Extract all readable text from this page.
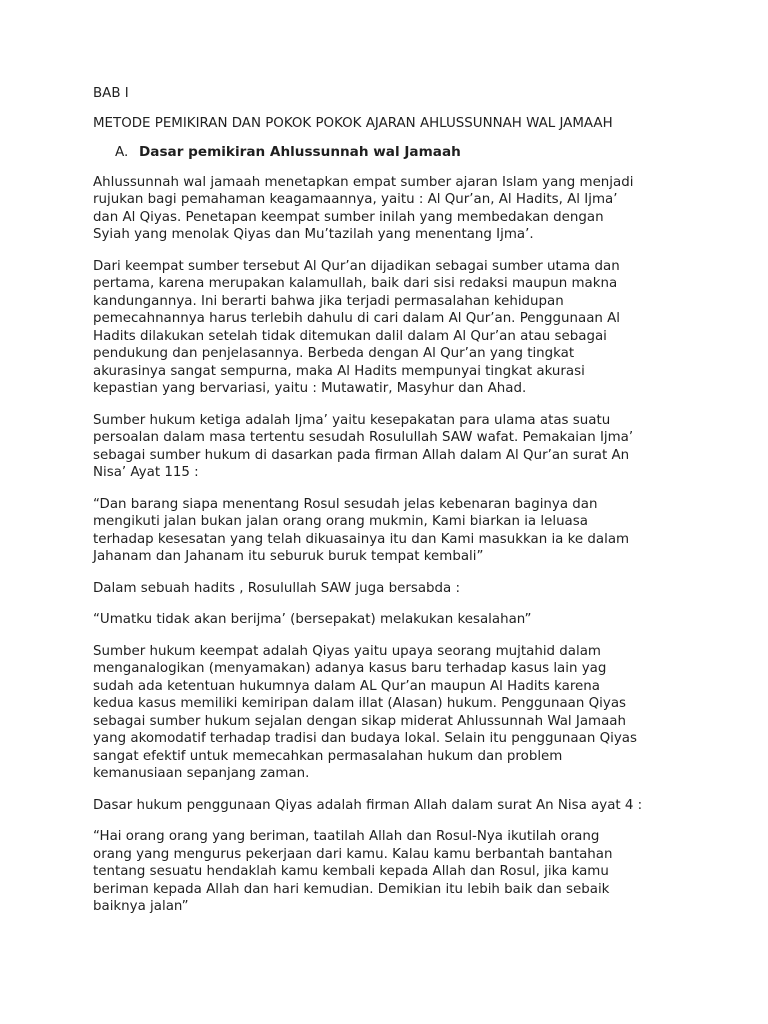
BAB I
METODE PEMIKIRAN DAN POKOK POKOK AJARAN AHLUSSUNNAH WAL JAMAAH
A. Dasar pemikiran Ahlussunnah wal Jamaah
Ahlussunnah wal jamaah menetapkan empat sumber ajaran Islam yang menjadi
rujukan bagi pemahaman keagamaannya, yaitu : Al Qur’an, Al Hadits, Al Ijma’
dan Al Qiyas. Penetapan keempat sumber inilah yang membedakan dengan
Syiah yang menolak Qiyas dan Mu’tazilah yang menentang Ijma’.
Dari keempat sumber tersebut Al Qur’an dijadikan sebagai sumber utama dan
pertama, karena merupakan kalamullah, baik dari sisi redaksi maupun makna
kandungannya. Ini berarti bahwa jika terjadi permasalahan kehidupan
pemecahnannya harus terlebih dahulu di cari dalam Al Qur’an. Penggunaan Al
Hadits dilakukan setelah tidak ditemukan dalil dalam Al Qur’an atau sebagai
pendukung dan penjelasannya. Berbeda dengan Al Qur’an yang tingkat
akurasinya sangat sempurna, maka Al Hadits mempunyai tingkat akurasi
kepastian yang bervariasi, yaitu : Mutawatir, Masyhur dan Ahad.
Sumber hukum ketiga adalah Ijma’ yaitu kesepakatan para ulama atas suatu
persoalan dalam masa tertentu sesudah Rosulullah SAW wafat. Pemakaian Ijma’
sebagai sumber hukum di dasarkan pada firman Allah dalam Al Qur’an surat An
Nisa’ Ayat 115 :
“Dan barang siapa menentang Rosul sesudah jelas kebenaran baginya dan
mengikuti jalan bukan jalan orang orang mukmin, Kami biarkan ia leluasa
terhadap kesesatan yang telah dikuasainya itu dan Kami masukkan ia ke dalam
Jahanam dan Jahanam itu seburuk buruk tempat kembali”
Dalam sebuah hadits , Rosulullah SAW juga bersabda :
“Umatku tidak akan berijma’ (bersepakat) melakukan kesalahan”
Sumber hukum keempat adalah Qiyas yaitu upaya seorang mujtahid dalam
menganalogikan (menyamakan) adanya kasus baru terhadap kasus lain yag
sudah ada ketentuan hukumnya dalam AL Qur’an maupun Al Hadits karena
kedua kasus memiliki kemiripan dalam illat (Alasan) hukum. Penggunaan Qiyas
sebagai sumber hukum sejalan dengan sikap miderat Ahlussunnah Wal Jamaah
yang akomodatif terhadap tradisi dan budaya lokal. Selain itu penggunaan Qiyas
sangat efektif untuk memecahkan permasalahan hukum dan problem
kemanusiaan sepanjang zaman.
Dasar hukum penggunaan Qiyas adalah firman Allah dalam surat An Nisa ayat 4 :
“Hai orang orang yang beriman, taatilah Allah dan Rosul-Nya ikutilah orang
orang yang mengurus pekerjaan dari kamu. Kalau kamu berbantah bantahan
tentang sesuatu hendaklah kamu kembali kepada Allah dan Rosul, jika kamu
beriman kepada Allah dan hari kemudian. Demikian itu lebih baik dan sebaik
baiknya jalan”
